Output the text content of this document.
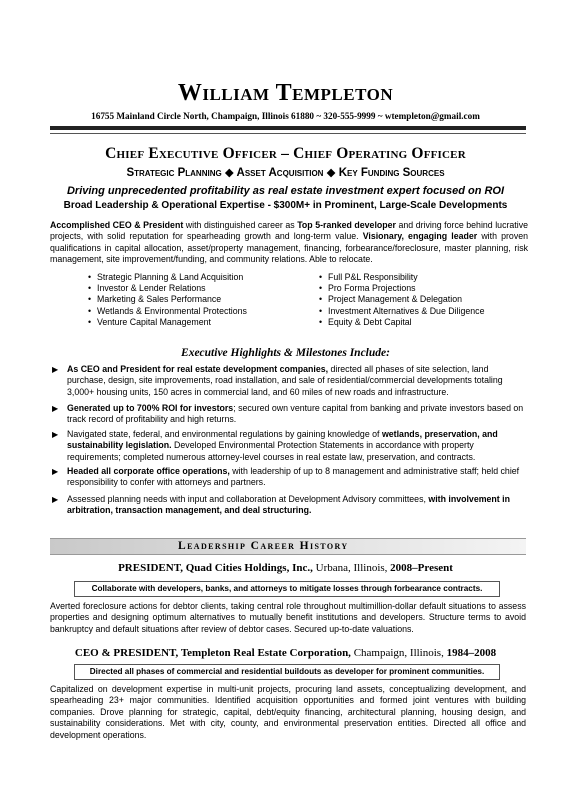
William Templeton
16755 Mainland Circle North, Champaign, Illinois 61880 ~ 320-555-9999 ~ wtempleton@gmail.com
Chief Executive Officer – Chief Operating Officer
Strategic Planning ◆ Asset Acquisition ◆ Key Funding Sources
Driving unprecedented profitability as real estate investment expert focused on ROI
Broad Leadership & Operational Expertise - $300M+ in Prominent, Large-Scale Developments
Accomplished CEO & President with distinguished career as Top 5-ranked developer and driving force behind lucrative projects, with solid reputation for spearheading growth and long-term value. Visionary, engaging leader with proven qualifications in capital allocation, asset/property management, financing, forbearance/foreclosure, master planning, risk management, site improvement/funding, and community relations. Able to relocate.
• Strategic Planning & Land Acquisition
• Investor & Lender Relations
• Marketing & Sales Performance
• Wetlands & Environmental Protections
• Venture Capital Management
• Full P&L Responsibility
• Pro Forma Projections
• Project Management & Delegation
• Investment Alternatives & Due Diligence
• Equity & Debt Capital
Executive Highlights & Milestones Include:
▶ As CEO and President for real estate development companies, directed all phases of site selection, land purchase, design, site improvements, road installation, and sale of residential/commercial developments totaling 3,000+ housing units, 150 acres in commercial land, and 60 miles of new roads and infrastructure.
▶ Generated up to 700% ROI for investors; secured own venture capital from banking and private investors based on track record of profitability and high returns.
▶ Navigated state, federal, and environmental regulations by gaining knowledge of wetlands, preservation, and sustainability legislation. Developed Environmental Protection Statements in accordance with property requirements; completed numerous attorney-level courses in real estate law, preservation, and contracts.
▶ Headed all corporate office operations, with leadership of up to 8 management and administrative staff; held chief responsibility to confer with attorneys and partners.
▶ Assessed planning needs with input and collaboration at Development Advisory committees, with involvement in arbitration, transaction management, and deal structuring.
Leadership Career History
PRESIDENT, Quad Cities Holdings, Inc., Urbana, Illinois, 2008–Present
Collaborate with developers, banks, and attorneys to mitigate losses through forbearance contracts.
Averted foreclosure actions for debtor clients, taking central role throughout multimillion-dollar default situations to assess properties and designing optimum alternatives to mutually benefit institutions and developers. Structure terms to avoid bankruptcy and default situations after review of debtor cases. Secured up-to-date valuations.
CEO & PRESIDENT, Templeton Real Estate Corporation, Champaign, Illinois, 1984–2008
Directed all phases of commercial and residential buildouts as developer for prominent communities.
Capitalized on development expertise in multi-unit projects, procuring land assets, conceptualizing development, and spearheading 23+ major communities. Identified acquisition opportunities and formed joint ventures with building companies. Drove planning for strategic, capital, debt/equity financing, architectural planning, housing design, and sustainability considerations. Met with city, county, and environmental preservation entities. Directed all office and development operations.
